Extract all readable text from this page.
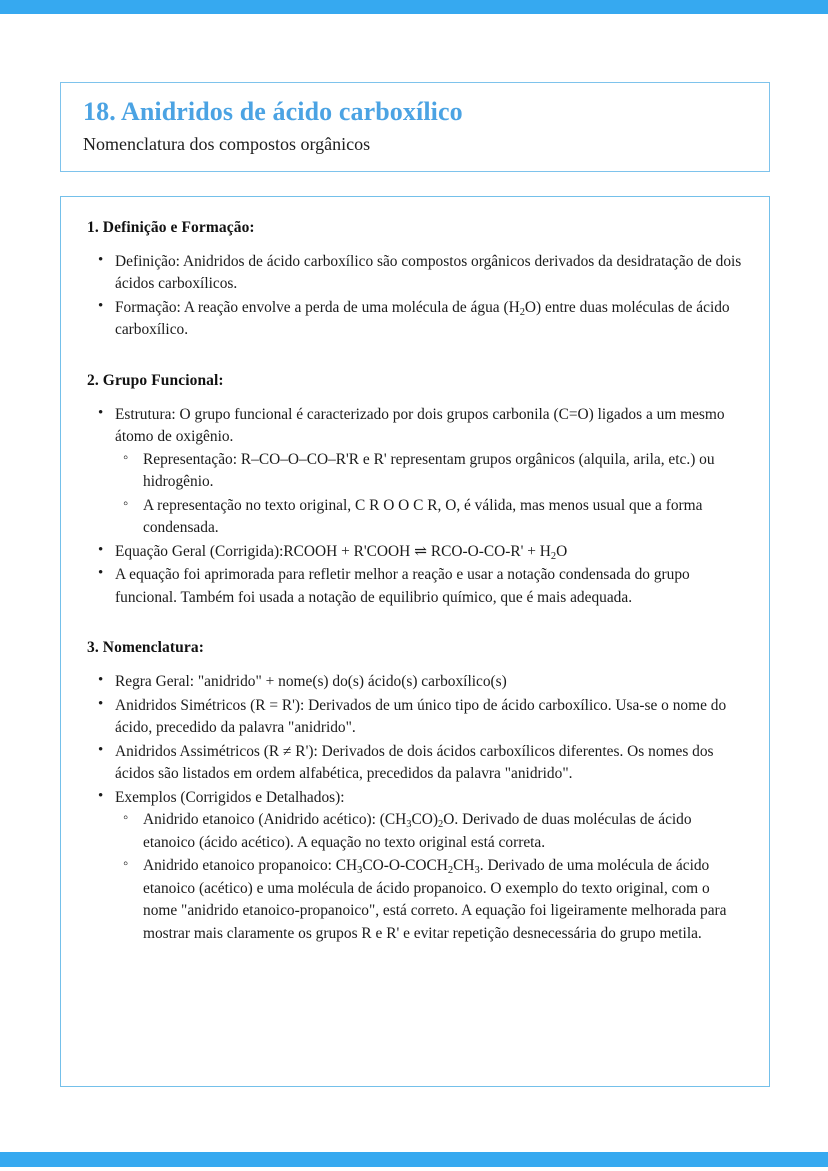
18. Anidridos de ácido carboxílico

Nomenclatura dos compostos orgânicos

1. Definição e Formação:
• Definição: Anidridos de ácido carboxílico são compostos orgânicos derivados da desidratação de dois ácidos carboxílicos.
• Formação: A reação envolve a perda de uma molécula de água $(H_2O)$ entre duas moléculas de ácido carboxílico.
2. Grupo Funcional:
• Estrutura: O grupo funcional é caracterizado por dois grupos carbonila (C=O) ligados a um mesmo átomo de oxigênio.
◦ Representação: R–CO–O–CO–R'R e R' representam grupos orgânicos (alquila, arila, etc.) ou hidrogênio.
◦ A representação no texto original, C R O O C R, O, é válida, mas menos usual que a forma condensada.
• Equação Geral (Corrigida):RCOOH + R'COOH ⇌ $RCO-O-CO-R' + H_2O$
• A equação foi aprimorada para refletir melhor a reação e usar a notação condensada do grupo funcional. Também foi usada a notação de equilibrio químico, que é mais adequada.
3. Nomenclatura:
• Regra Geral: "anidrido" + nome(s) do(s) ácido(s) carboxílico(s)
• Anidridos Simétricos (R = R'): Derivados de um único tipo de ácido carboxílico. Usa-se o nome do ácido, precedido da palavra "anidrido".
• Anidridos Assimétricos (R ≠ R'): Derivados de dois ácidos carboxílicos diferentes. Os nomes dos ácidos são listados em ordem alfabética, precedidos da palavra "anidrido".
• Exemplos (Corrigidos e Detalhados):
◦ Anidrido etanoico (Anidrido acético): $(CH_3CO)_2O$. Derivado de duas moléculas de ácido etanoico (ácido acético). A equação no texto original está correta.
◦ Anidrido etanoico propanoico: $CH_3CO-O-COCH_2CH_3$. Derivado de uma molécula de ácido etanoico (acético) e uma molécula de ácido propanoico. O exemplo do texto original, com o nome "anidrido etanoico-propanoico", está correto. A equação foi ligeiramente melhorada para mostrar mais claramente os grupos R e R' e evitar repetição desnecessária do grupo metila.
